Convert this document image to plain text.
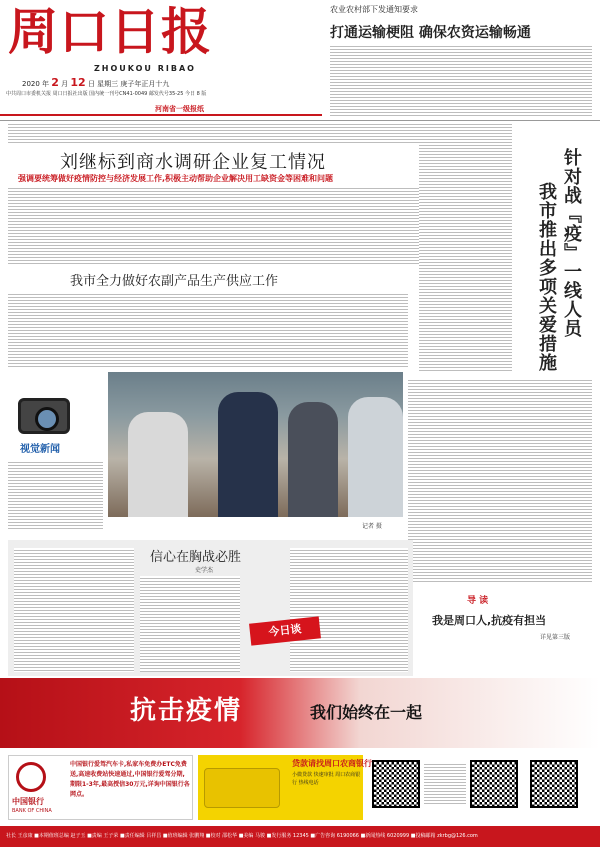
周口日报
ZHOUKOU RIBAO
2020 年 2 月 12 日 星期三 庚子年正月十九
中共周口市委机关报 周口日报社出版 国内统一刊号CN41-0049 邮发代号35-25 今日 8 版
河南省一级报纸
农业农村部下发通知要求
打通运输梗阻 确保农资运输畅通
刘继标到商水调研企业复工情况
强调要统筹做好疫情防控与经济发展工作,积极主动帮助企业解决用工缺资金等困难和问题	针对战『疫』一线人员
我市推出多项关爱措施
我市全力做好农副产品生产供应工作
视觉新闻
记者 摄
信心在胸战必胜
史学杰
今日谈
导 读
我是周口人,抗疫有担当
详见第三版
抗击疫情	我们始终在一起
中国银行
BANK OF CHINA
中国银行爱驾汽车卡,私家车免费办ETC免费送,高速收费站快速通过,中国银行爱驾分期,期限1-3年,最高授信30万元,详询中国银行各网点。
贷款请找周口农商银行
小微贷款 快速审批 周口农商银行 热线电话
社长 王彦康 ■本期值班总编 赵子玉 ■责编 王子荣 ■责任编辑 吕祥昌 ■值班编辑 张鹏翔 ■校对 邵松华 ■美编 马骏 ■发行服务 12345 ■广告咨询 6190066 ■新闻热线 6020999 ■投稿邮箱 zkrbg@126.com
